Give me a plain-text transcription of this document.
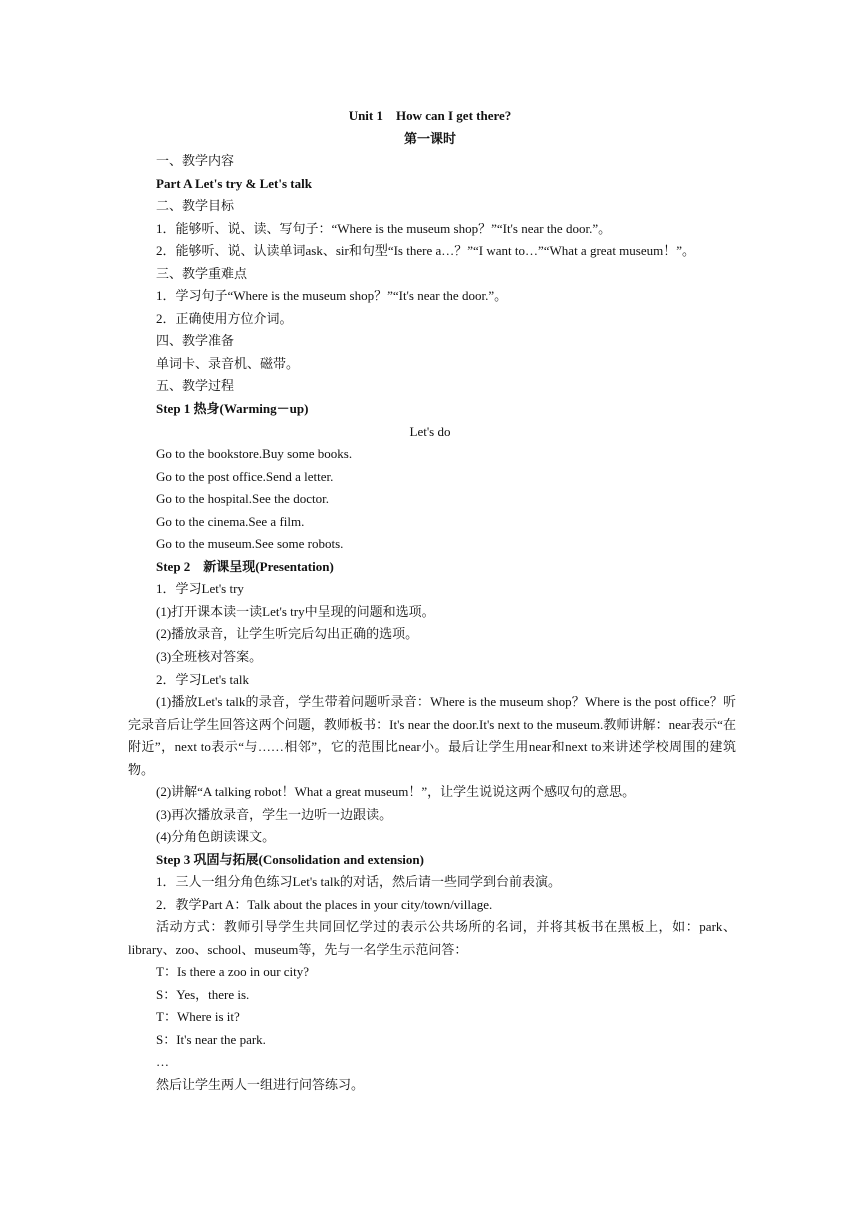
Unit 1　How can I get there?
第一课时
一、教学内容
Part A Let's try & Let's talk
二、教学目标
1．能够听、说、读、写句子：“Where is the museum shop？”“It's near the door.”。
2．能够听、说、认读单词ask、sir和句型“Is there a…？”“I want to…”“What a great museum！”。
三、教学重难点
1．学习句子“Where is the museum shop？”“It's near the door.”。
2．正确使用方位介词。
四、教学准备
单词卡、录音机、磁带。
五、教学过程
Step 1 热身(Warming－up)
Let's do
Go to the bookstore.Buy some books.
Go to the post office.Send a letter.
Go to the hospital.See the doctor.
Go to the cinema.See a film.
Go to the museum.See some robots.
Step 2　新课呈现(Presentation)
1．学习Let's try
(1)打开课本读一读Let's try中呈现的问题和选项。
(2)播放录音，让学生听完后勾出正确的选项。
(3)全班核对答案。
2．学习Let's talk
(1)播放Let's talk的录音，学生带着问题听录音：Where is the museum shop？Where is the post office？听完录音后让学生回答这两个问题，教师板书：It's near the door.It's next to the museum.教师讲解：near表示“在附近”，next to表示“与……相邻”，它的范围比near小。最后让学生用near和next to来讲述学校周围的建筑物。
(2)讲解“A talking robot！What a great museum！”，让学生说说这两个感叹句的意思。
(3)再次播放录音，学生一边听一边跟读。
(4)分角色朗读课文。
Step 3 巩固与拓展(Consolidation and extension)
1．三人一组分角色练习Let's talk的对话，然后请一些同学到台前表演。
2．教学Part A：Talk about the places in your city/town/village.
活动方式：教师引导学生共同回忆学过的表示公共场所的名词，并将其板书在黑板上，如：park、library、zoo、school、museum等，先与一名学生示范问答：
T：Is there a zoo in our city?
S：Yes，there is.
T：Where is it?
S：It's near the park.
…
然后让学生两人一组进行问答练习。
